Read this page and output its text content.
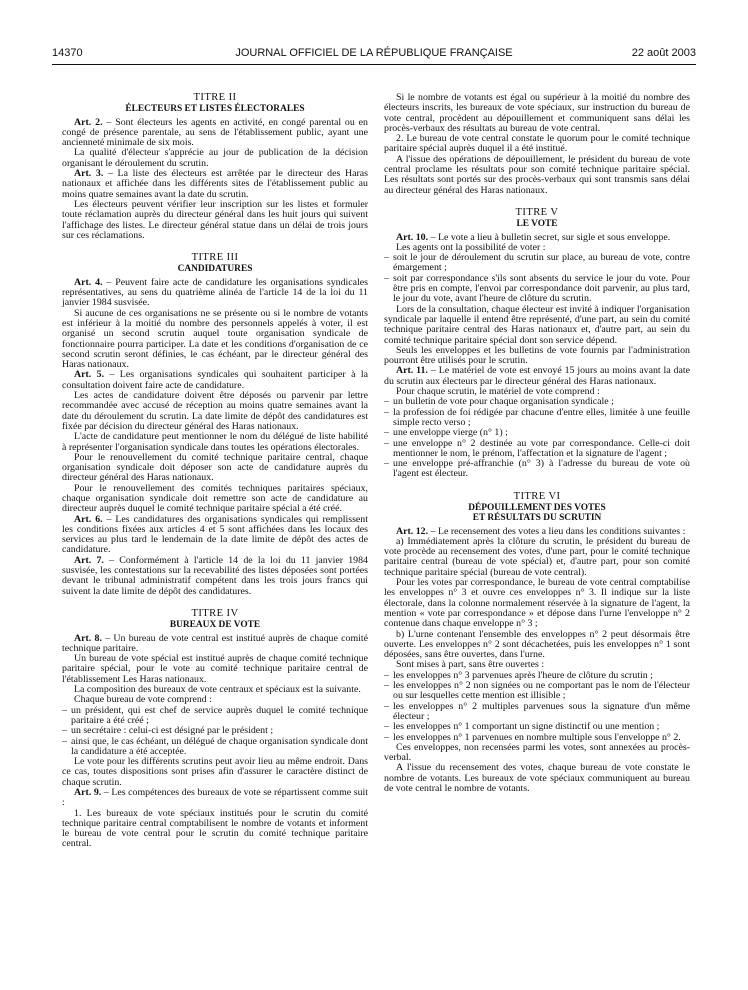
14370	JOURNAL OFFICIEL DE LA RÉPUBLIQUE FRANÇAISE	22 août 2003
TITRE II
ÉLECTEURS ET LISTES ÉLECTORALES

Art. 2. – Sont électeurs les agents en activité, en congé parental ou en congé de présence parentale, au sens de l'établissement public, ayant une ancienneté minimale de six mois.

La qualité d'électeur s'apprécie au jour de publication de la décision organisant le déroulement du scrutin.

Art. 3. – La liste des électeurs est arrêtée par le directeur des Haras nationaux et affichée dans les différents sites de l'établissement public au moins quatre semaines avant la date du scrutin.

Les électeurs peuvent vérifier leur inscription sur les listes et formuler toute réclamation auprès du directeur général dans les huit jours qui suivent l'affichage des listes. Le directeur général statue dans un délai de trois jours sur ces réclamations.

TITRE III
CANDIDATURES

Art. 4. – Peuvent faire acte de candidature les organisations syndicales représentatives, au sens du quatrième alinéa de l'article 14 de la loi du 11 janvier 1984 susvisée.

Si aucune de ces organisations ne se présente ou si le nombre de votants est inférieur à la moitié du nombre des personnels appelés à voter, il est organisé un second scrutin auquel toute organisation syndicale de fonctionnaire pourra participer. La date et les conditions d'organisation de ce second scrutin seront définies, le cas échéant, par le directeur général des Haras nationaux.

Art. 5. – Les organisations syndicales qui souhaitent participer à la consultation doivent faire acte de candidature.

Les actes de candidature doivent être déposés ou parvenir par lettre recommandée avec accusé de réception au moins quatre semaines avant la date du déroulement du scrutin. La date limite de dépôt des candidatures est fixée par décision du directeur général des Haras nationaux.

L'acte de candidature peut mentionner le nom du délégué de liste habilité à représenter l'organisation syndicale dans toutes les opérations électorales.

Pour le renouvellement du comité technique paritaire central, chaque organisation syndicale doit déposer son acte de candidature auprès du directeur général des Haras nationaux.

Pour le renouvellement des comités techniques paritaires spéciaux, chaque organisation syndicale doit remettre son acte de candidature au directeur auprès duquel le comité technique paritaire spécial a été créé.

Art. 6. – Les candidatures des organisations syndicales qui remplissent les conditions fixées aux articles 4 et 5 sont affichées dans les locaux des services au plus tard le lendemain de la date limite de dépôt des actes de candidature.

Art. 7. – Conformément à l'article 14 de la loi du 11 janvier 1984 susvisée, les contestations sur la recevabilité des listes déposées sont portées devant le tribunal administratif compétent dans les trois jours francs qui suivent la date limite de dépôt des candidatures.

TITRE IV
BUREAUX DE VOTE

Art. 8. – Un bureau de vote central est institué auprès de chaque comité technique paritaire.

Un bureau de vote spécial est institué auprès de chaque comité technique paritaire spécial, pour le vote au comité technique paritaire central de l'établissement Les Haras nationaux.

La composition des bureaux de vote centraux et spéciaux est la suivante.

Chaque bureau de vote comprend :

– un président, qui est chef de service auprès duquel le comité technique paritaire a été créé ;

– un secrétaire : celui-ci est désigné par le président ;

– ainsi que, le cas échéant, un délégué de chaque organisation syndicale dont la candidature a été acceptée.

Le vote pour les différents scrutins peut avoir lieu au même endroit. Dans ce cas, toutes dispositions sont prises afin d'assurer le caractère distinct de chaque scrutin.

Art. 9. – Les compétences des bureaux de vote se répartissent comme suit :

1. Les bureaux de vote spéciaux institués pour le scrutin du comité technique paritaire central comptabilisent le nombre de votants et informent le bureau de vote central pour le scrutin du comité technique paritaire central.

Si le nombre de votants est égal ou supérieur à la moitié du nombre des électeurs inscrits, les bureaux de vote spéciaux, sur instruction du bureau de vote central, procèdent au dépouillement et communiquent sans délai les procès-verbaux des résultats au bureau de vote central.

2. Le bureau de vote central constate le quorum pour le comité technique paritaire spécial auprès duquel il a été institué.

A l'issue des opérations de dépouillement, le président du bureau de vote central proclame les résultats pour son comité technique paritaire spécial. Les résultats sont portés sur des procès-verbaux qui sont transmis sans délai au directeur général des Haras nationaux.

TITRE V
LE VOTE

Art. 10. – Le vote a lieu à bulletin secret, sur sigle et sous enveloppe.

Les agents ont la possibilité de voter :

– soit le jour de déroulement du scrutin sur place, au bureau de vote, contre émargement ;

– soit par correspondance s'ils sont absents du service le jour du vote. Pour être pris en compte, l'envoi par correspondance doit parvenir, au plus tard, le jour du vote, avant l'heure de clôture du scrutin.

Lors de la consultation, chaque électeur est invité à indiquer l'organisation syndicale par laquelle il entend être représenté, d'une part, au sein du comité technique paritaire central des Haras nationaux et, d'autre part, au sein du comité technique paritaire spécial dont son service dépend.

Seuls les enveloppes et les bulletins de vote fournis par l'administration pourront être utilisés pour le scrutin.

Art. 11. – Le matériel de vote est envoyé 15 jours au moins avant la date du scrutin aux électeurs par le directeur général des Haras nationaux.

Pour chaque scrutin, le matériel de vote comprend :

– un bulletin de vote pour chaque organisation syndicale ;

– la profession de foi rédigée par chacune d'entre elles, limitée à une feuille simple recto verso ;

– une enveloppe vierge (n° 1) ;

– une enveloppe n° 2 destinée au vote par correspondance. Celle-ci doit mentionner le nom, le prénom, l'affectation et la signature de l'agent ;

– une enveloppe pré-affranchie (n° 3) à l'adresse du bureau de vote où l'agent est électeur.

TITRE VI
DÉPOUILLEMENT DES VOTES
ET RÉSULTATS DU SCRUTIN

Art. 12. – Le recensement des votes a lieu dans les conditions suivantes :

a) Immédiatement après la clôture du scrutin, le président du bureau de vote procède au recensement des votes, d'une part, pour le comité technique paritaire central (bureau de vote spécial) et, d'autre part, pour son comité technique paritaire spécial (bureau de vote central).

Pour les votes par correspondance, le bureau de vote central comptabilise les enveloppes n° 3 et ouvre ces enveloppes n° 3. Il indique sur la liste électorale, dans la colonne normalement réservée à la signature de l'agent, la mention « vote par correspondance » et dépose dans l'urne l'enveloppe n° 2 contenue dans chaque enveloppe n° 3 ;

b) L'urne contenant l'ensemble des enveloppes n° 2 peut désormais être ouverte. Les enveloppes n° 2 sont décachetées, puis les enveloppes n° 1 sont déposées, sans être ouvertes, dans l'urne.

Sont mises à part, sans être ouvertes :

– les enveloppes n° 3 parvenues après l'heure de clôture du scrutin ;

– les enveloppes n° 2 non signées ou ne comportant pas le nom de l'électeur ou sur lesquelles cette mention est illisible ;

– les enveloppes n° 2 multiples parvenues sous la signature d'un même électeur ;

– les enveloppes n° 1 comportant un signe distinctif ou une mention ;

– les enveloppes n° 1 parvenues en nombre multiple sous l'enveloppe n° 2.

Ces enveloppes, non recensées parmi les votes, sont annexées au procès-verbal.

A l'issue du recensement des votes, chaque bureau de vote constate le nombre de votants. Les bureaux de vote spéciaux communiquent au bureau de vote central le nombre de votants.
